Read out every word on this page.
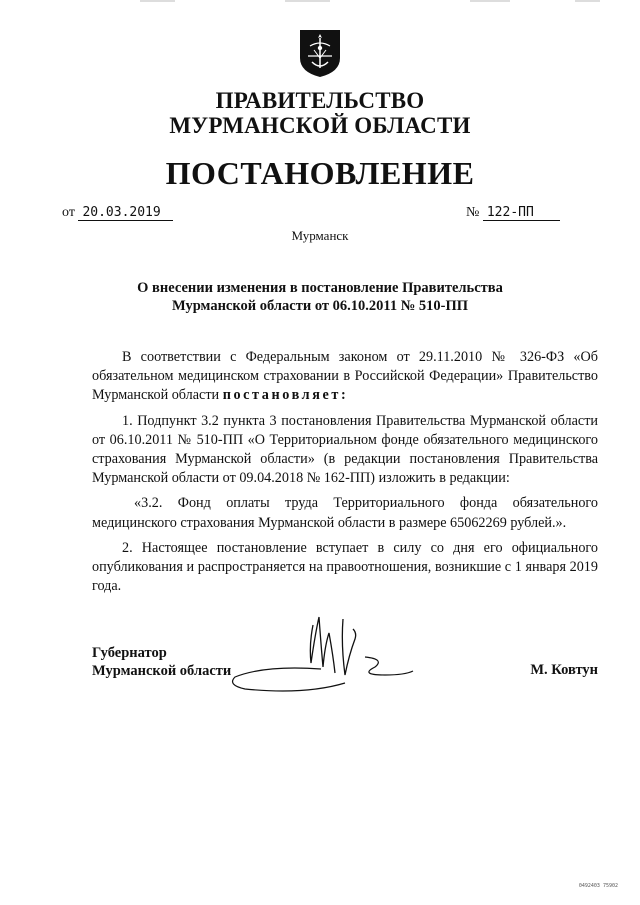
ПРАВИТЕЛЬСТВО
МУРМАНСКОЙ ОБЛАСТИ
ПОСТАНОВЛЕНИЕ
от 20.03.2019	№ 122-ПП
Мурманск
О внесении изменения в постановление Правительства
Мурманской области от 06.10.2011 № 510-ПП

В соответствии с Федеральным законом от 29.11.2010 № 326-ФЗ «Об обязательном медицинском страховании в Российской Федерации» Правительство Мурманской области постановляет:

1. Подпункт 3.2 пункта 3 постановления Правительства Мурманской области от 06.10.2011 № 510-ПП «О Территориальном фонде обязательного медицинского страхования Мурманской области» (в редакции постановления Правительства Мурманской области от 09.04.2018 № 162-ПП) изложить в редакции:

«3.2. Фонд оплаты труда Территориального фонда обязательного медицинского страхования Мурманской области в размере 65062269 рублей.».

2. Настоящее постановление вступает в силу со дня его официального опубликования и распространяется на правоотношения, возникшие с 1 января 2019 года.

Губернатор
Мурманской области	М. Ковтун
0492403 75902
